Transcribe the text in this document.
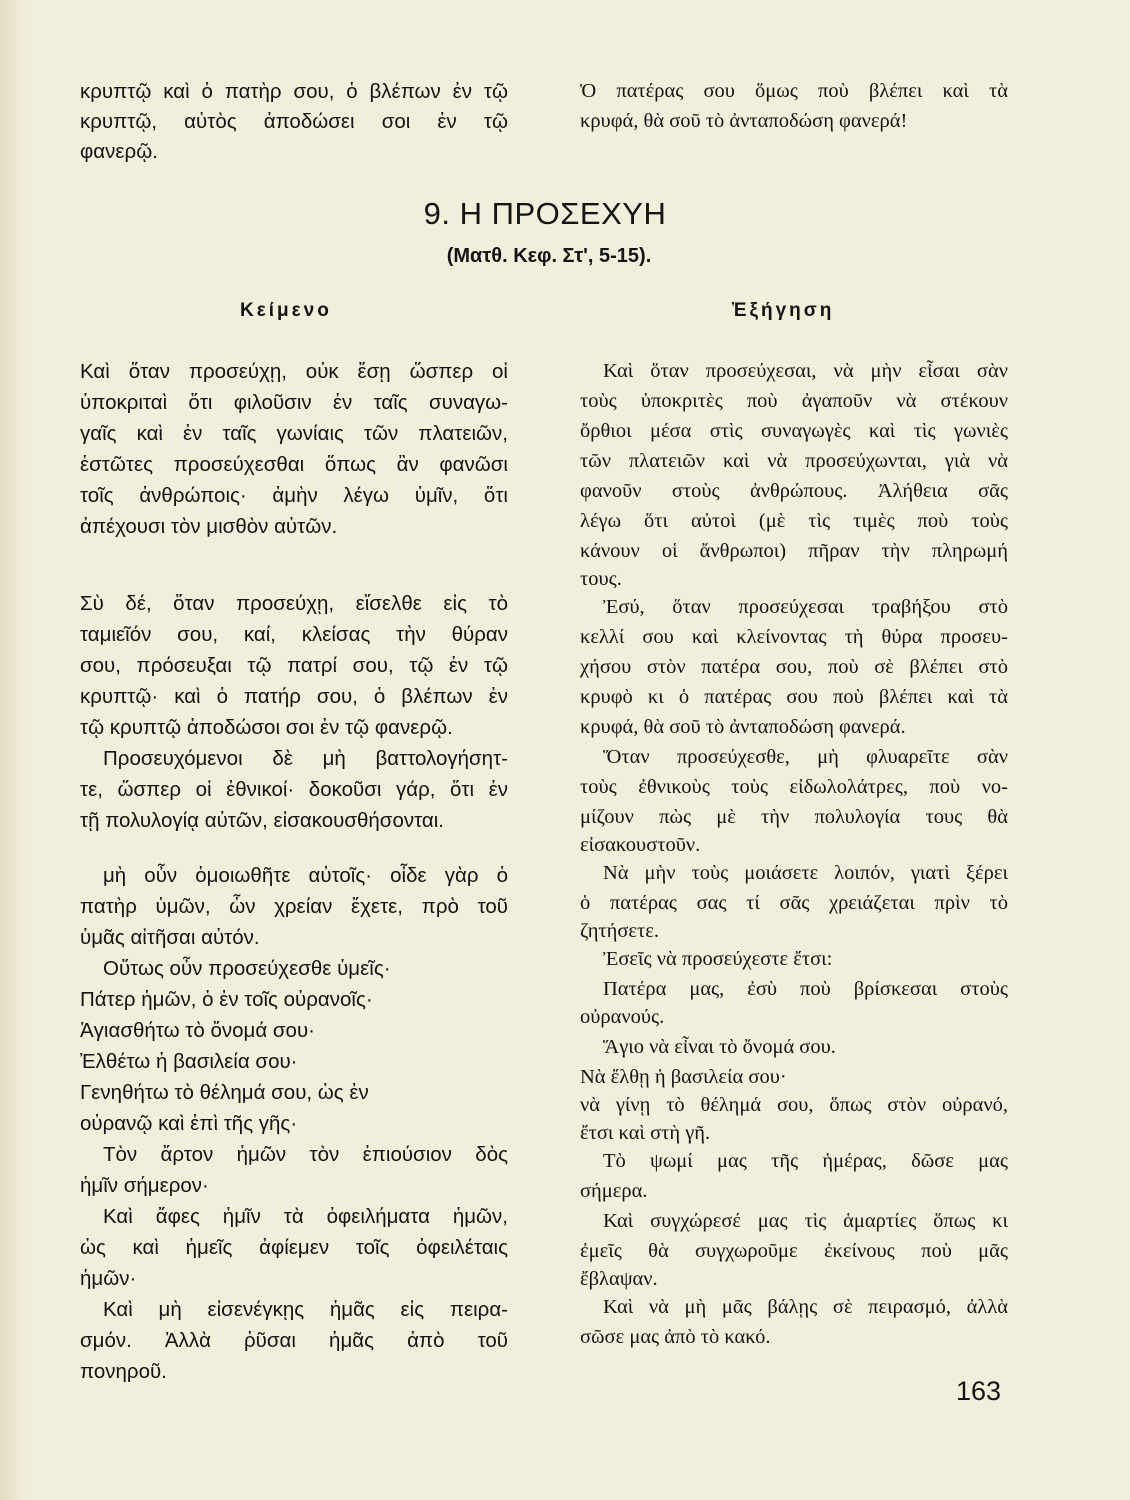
κρυπτῷ καὶ ὁ πατὴρ σου, ὁ βλέπων ἐν τῷ
κρυπτῷ, αὐτὸς ἀποδώσει σοι ἐν τῷ
φανερῷ.
Ὁ πατέρας σου ὅμως ποὺ βλέπει καὶ τὰ
κρυφά, θὰ σοῦ τὸ ἀνταποδώση φανερά!
9. Η ΠΡΟΣΕΧΥΗ
(Ματθ. Κεφ. Στ', 5-15).
Κείμενο	Ἐξήγηση
Καὶ ὅταν προσεύχῃ, οὐκ ἔσῃ ὥσπερ οἱ
ὑποκριταὶ ὅτι φιλοῦσιν ἐν ταῖς συναγω-
γαῖς καὶ ἐν ταῖς γωνίαις τῶν πλατειῶν,
ἑστῶτες προσεύχεσθαι ὅπως ἂν φανῶσι
τοῖς ἀνθρώποις· ἀμὴν λέγω ὑμῖν, ὅτι
ἀπέχουσι τὸν μισθὸν αὐτῶν.
Σὺ δέ, ὅταν προσεύχῃ, εἴσελθε εἰς τὸ
ταμιεῖόν σου, καί, κλείσας τὴν θύραν
σου, πρόσευξαι τῷ πατρί σου, τῷ ἐν τῷ
κρυπτῷ· καὶ ὁ πατήρ σου, ὁ βλέπων ἐν
τῷ κρυπτῷ ἀποδώσοι σοι ἐν τῷ φανερῷ.
Προσευχόμενοι δὲ μὴ βαττολογήσητ-
τε, ὥσπερ οἱ ἐθνικοί· δοκοῦσι γάρ, ὅτι ἐν
τῇ πολυλογίᾳ αὐτῶν, εἰσακουσθήσονται.
μὴ οὖν ὁμοιωθῆτε αὐτοῖς· οἶδε γὰρ ὁ
πατὴρ ὑμῶν, ὧν χρείαν ἔχετε, πρὸ τοῦ
ὑμᾶς αἰτῆσαι αὐτόν.
Οὕτως οὖν προσεύχεσθε ὑμεῖς·
Πάτερ ἡμῶν, ὁ ἐν τοῖς οὐρανοῖς·
Ἁγιασθήτω τὸ ὄνομά σου·
Ἐλθέτω ἡ βασιλεία σου·
Γενηθήτω τὸ θέλημά σου, ὡς ἐν
οὐρανῷ καὶ ἐπὶ τῆς γῆς·
Τὸν ἄρτον ἡμῶν τὸν ἐπιούσιον δὸς
ἡμῖν σήμερον·
Καὶ ἄφες ἡμῖν τὰ ὀφειλήματα ἡμῶν,
ὡς καὶ ἡμεῖς ἀφίεμεν τοῖς ὀφειλέταις
ἡμῶν·
Καὶ μὴ εἰσενέγκῃς ἡμᾶς εἰς πειρα-
σμόν. Ἀλλὰ ῥῦσαι ἡμᾶς ἀπὸ τοῦ
πονηροῦ.
Καὶ ὅταν προσεύχεσαι, νὰ μὴν εἶσαι σὰν
τοὺς ὑποκριτὲς ποὺ ἀγαποῦν νὰ στέκουν
ὄρθιοι μέσα στὶς συναγωγὲς καὶ τὶς γωνιὲς
τῶν πλατειῶν καὶ νὰ προσεύχωνται, γιὰ νὰ
φανοῦν στοὺς ἀνθρώπους. Ἀλήθεια σᾶς
λέγω ὅτι αὐτοὶ (μὲ τὶς τιμὲς ποὺ τοὺς
κάνουν οἱ ἄνθρωποι) πῆραν τὴν πληρωμή
τους.
Ἐσύ, ὅταν προσεύχεσαι τραβήξου στὸ
κελλί σου καὶ κλείνοντας τὴ θύρα προσευ-
χήσου στὸν πατέρα σου, ποὺ σὲ βλέπει στὸ
κρυφὸ κι ὁ πατέρας σου ποὺ βλέπει καὶ τὰ
κρυφά, θὰ σοῦ τὸ ἀνταποδώση φανερά.
Ὅταν προσεύχεσθε, μὴ φλυαρεῖτε σὰν
τοὺς ἐθνικοὺς τοὺς εἰδωλολάτρες, ποὺ νο-
μίζουν πὼς μὲ τὴν πολυλογία τους θὰ
εἰσακουστοῦν.
Νὰ μὴν τοὺς μοιάσετε λοιπόν, γιατὶ ξέρει
ὁ πατέρας σας τί σᾶς χρειάζεται πρὶν τὸ
ζητήσετε.
Ἐσεῖς νὰ προσεύχεστε ἔτσι:
Πατέρα μας, ἐσὺ ποὺ βρίσκεσαι στοὺς
οὐρανούς.
Ἅγιο νὰ εἶναι τὸ ὄνομά σου.
Νὰ ἔλθῃ ἡ βασιλεία σου·
νὰ γίνῃ τὸ θέλημά σου, ὅπως στὸν οὐρανό,
ἔτσι καὶ στὴ γῆ.
Τὸ ψωμί μας τῆς ἡμέρας, δῶσε μας
σήμερα.
Καὶ συγχώρεσέ μας τὶς ἁμαρτίες ὅπως κι
ἐμεῖς θὰ συγχωροῦμε ἐκείνους ποὺ μᾶς
ἔβλαψαν.
Καὶ νὰ μὴ μᾶς βάλῃς σὲ πειρασμό, ἀλλὰ
σῶσε μας ἀπὸ τὸ κακό.
163
